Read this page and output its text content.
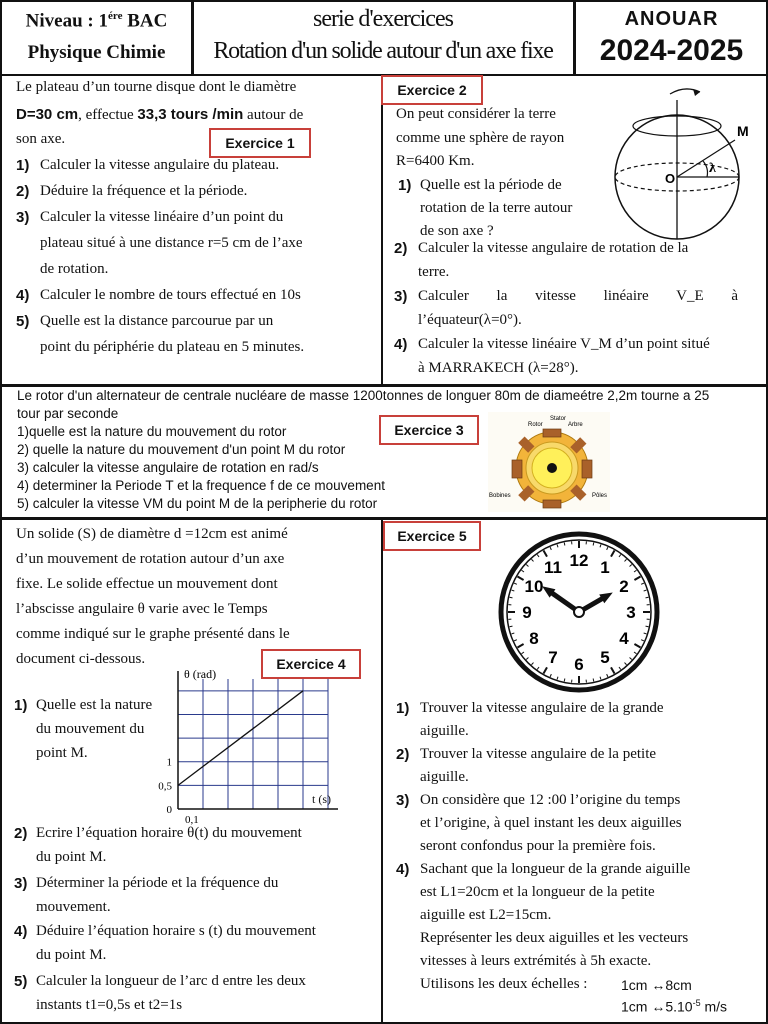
Niveau : $1^{ére}$ BAC
Physique Chimie
serie d'exercices
Rotation d'un solide autour d'un axe fixe
ANOUAR
2024-2025
Exercice 1
Le plateau d’un tourne disque dont le diamètre
D=30 cm, effectue 33,3 tours /min autour de
son axe.
1) Calculer la vitesse angulaire du plateau.
2) Déduire la fréquence et la période.
3) Calculer la vitesse linéaire d’un point du
plateau situé à une distance r=5 cm de l’axe
de rotation.
4) Calculer le nombre de tours effectué en 10s
5) Quelle est la distance parcourue par un
point du périphérie du plateau en 5 minutes.
Exercice 2
On peut considérer la terre
comme une sphère de rayon
R=6400 Km.
1) Quelle est la période de
rotation de la terre autour
de son axe ?
2) Calculer la vitesse angulaire de rotation de la
terre.
3) Calculer la vitesse linéaire V_E à
l’équateur(λ=0°).
4) Calculer la vitesse linéaire V_M d’un point situé
à MARRAKECH (λ=28°).
M
O
λ
Le rotor d'un alternateur de centrale nucléare de masse 1200tonnes de longuer 80m de diameétre 2,2m tourne a 25
tour par seconde
1)quelle est la nature du mouvement du rotor
2) quelle la nature du mouvement d'un point M du rotor
3) calculer la vitesse angulaire de rotation en rad/s
4) determiner la Periode T et la frequence f de ce mouvement
5) calculer la vitesse VM du point M de la peripherie du rotor
Exercice 3
Stator
Rotor	Arbre
Bobines	Pôles
Un solide (S) de diamètre d =12cm est animé
d’un mouvement de rotation autour d’un axe
fixe. Le solide effectue un mouvement dont
l’abscisse angulaire θ varie avec le Temps
comme indiqué sur le graphe présenté dans le
document ci-dessous.	Exercice 4
1) Quelle est la nature
du mouvement du
point M.
θ (rad)
t (s)
0
0,5
1
0,1
2) Ecrire l’équation horaire θ(t) du mouvement
du point M.
3) Déterminer la période et la fréquence du
mouvement.
4) Déduire l’équation horaire s (t) du mouvement
du point M.
5) Calculer la longueur de l’arc d entre les deux
instants t1=0,5s et t2=1s
Exercice 5
12 1
2
3
4
5
6
7
8
9
10
11
1) Trouver la vitesse angulaire de la grande
aiguille.
2) Trouver la vitesse angulaire de la petite
aiguille.
3) On considère que 12 :00 l’origine du temps
et l’origine, à quel instant les deux aiguilles
seront confondus pour la première fois.
4) Sachant que la longueur de la grande aiguille
est L1=20cm et la longueur de la petite
aiguille est L2=15cm.
Représenter les deux aiguilles et les vecteurs
vitesses à leurs extrémités à 5h exacte.
Utilisons les deux échelles : 1cm ↔8cm
1cm $\leftrightarrow 5.10^{-5}$ m/s
